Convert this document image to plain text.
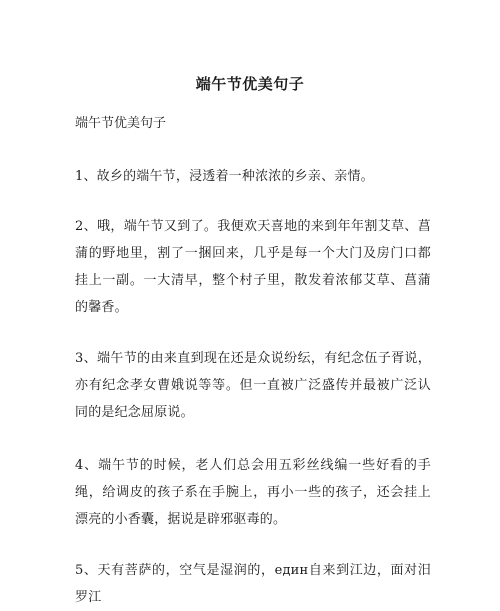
端午节优美句子
端午节优美句子
1、故乡的端午节，浸透着一种浓浓的乡亲、亲情。
2、哦，端午节又到了。我便欢天喜地的来到年年割艾草、菖蒲的野地里，割了一捆回来，几乎是每一个大门及房门口都挂上一副。一大清早，整个村子里，散发着浓郁艾草、菖蒲的馨香。
3、端午节的由来直到现在还是众说纷纭，有纪念伍子胥说，亦有纪念孝女曹娥说等等。但一直被广泛盛传并最被广泛认同的是纪念屈原说。
4、端午节的时候，老人们总会用五彩丝线编一些好看的手绳，给调皮的孩子系在手腕上，再小一些的孩子，还会挂上漂亮的小香囊，据说是辟邪驱毒的。
5、天有菩萨的，空气是湿润的，един自来到江边，面对汨罗江
